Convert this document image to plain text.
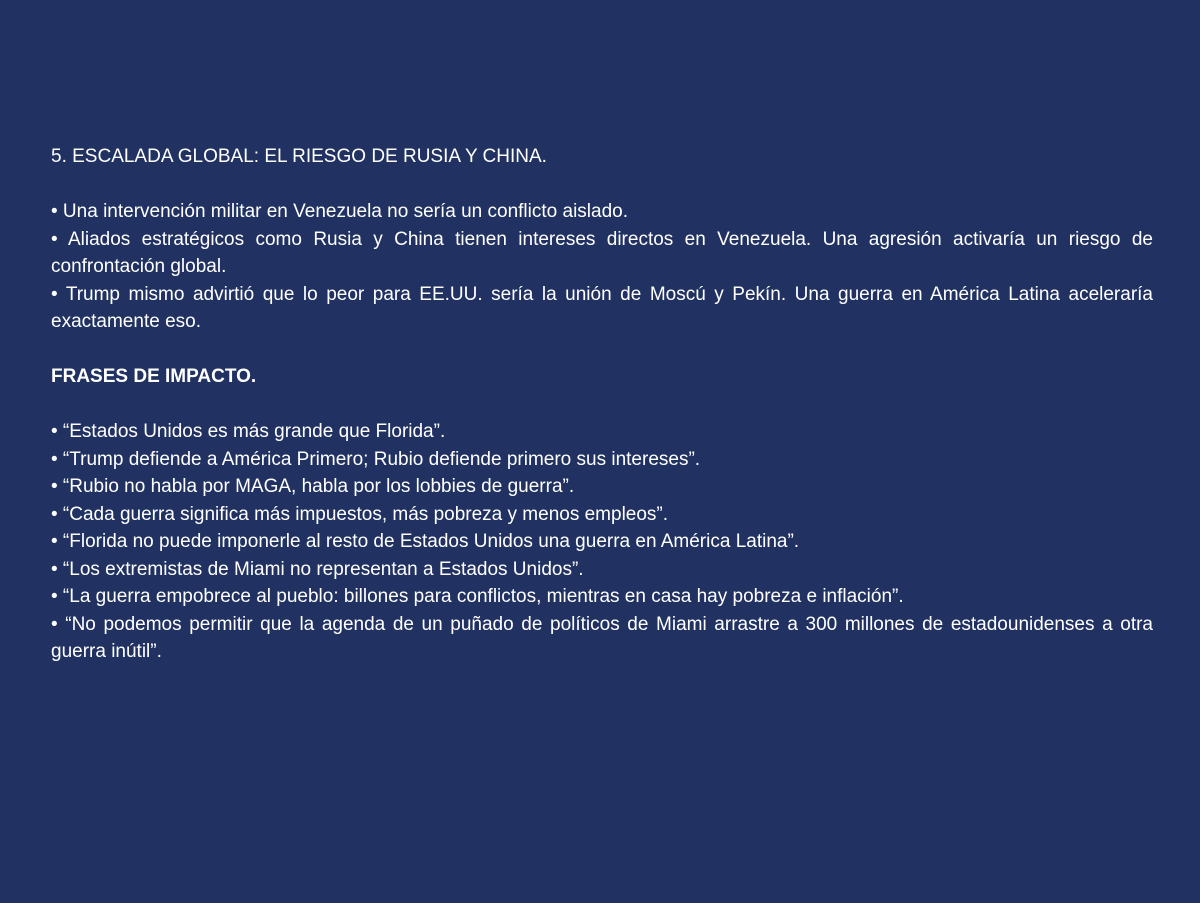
5. ESCALADA GLOBAL: EL RIESGO DE RUSIA Y CHINA.

• Una intervención militar en Venezuela no sería un conflicto aislado.

• Aliados estratégicos como Rusia y China tienen intereses directos en Venezuela. Una agresión activaría un riesgo de confrontación global.

• Trump mismo advirtió que lo peor para EE.UU. sería la unión de Moscú y Pekín. Una guerra en América Latina aceleraría exactamente eso.

FRASES DE IMPACTO.

• “Estados Unidos es más grande que Florida”.

• “Trump defiende a América Primero; Rubio defiende primero sus intereses”.

• “Rubio no habla por MAGA, habla por los lobbies de guerra”.

• “Cada guerra significa más impuestos, más pobreza y menos empleos”.

• “Florida no puede imponerle al resto de Estados Unidos una guerra en América Latina”.

• “Los extremistas de Miami no representan a Estados Unidos”.

• “La guerra empobrece al pueblo: billones para conflictos, mientras en casa hay pobreza e inflación”.

• “No podemos permitir que la agenda de un puñado de políticos de Miami arrastre a 300 millones de estadounidenses a otra guerra inútil”.
